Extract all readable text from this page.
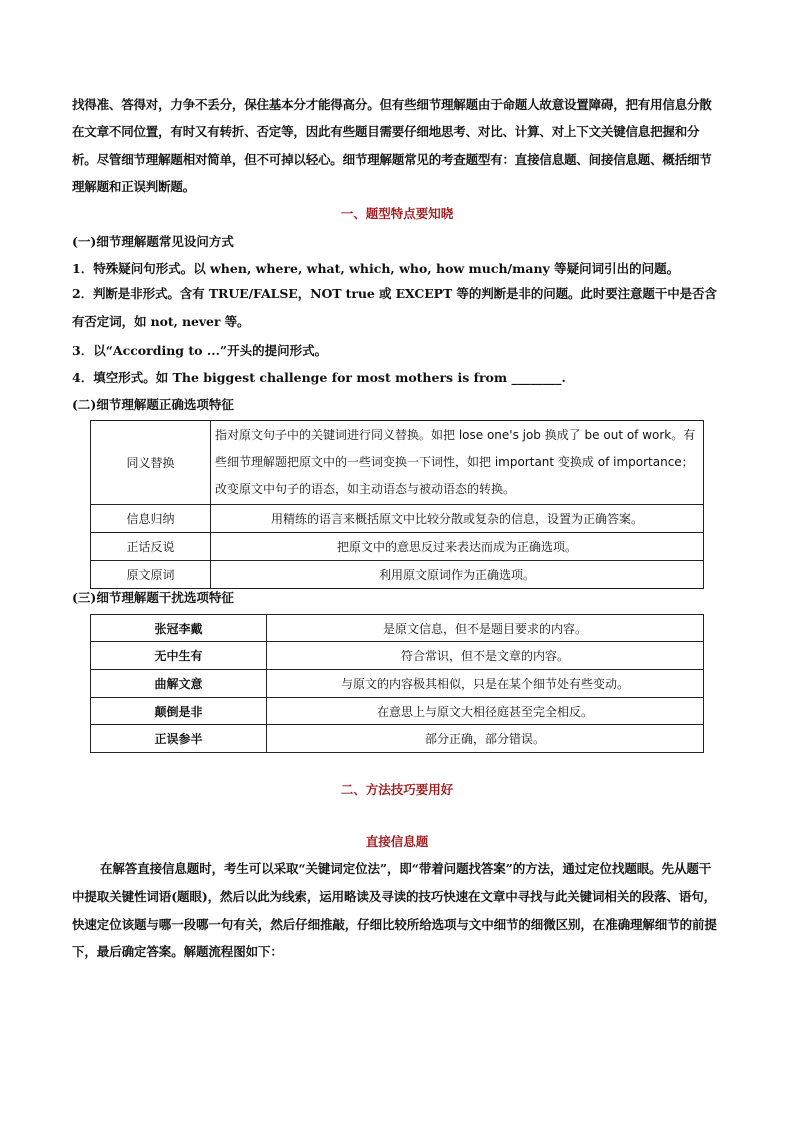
找得准、答得对，力争不丢分，保住基本分才能得高分。但有些细节理解题由于命题人故意设置障碍，把有用信息分散在文章不同位置，有时又有转折、否定等，因此有些题目需要仔细地思考、对比、计算、对上下文关键信息把握和分析。尽管细节理解题相对简单，但不可掉以轻心。细节理解题常见的考查题型有：直接信息题、间接信息题、概括细节理解题和正误判断题。

一、题型特点要知晓

(一)细节理解题常见设问方式

1．特殊疑问句形式。以 when, where, what, which, who, how much/many 等疑问词引出的问题。

2．判断是非形式。含有 TRUE/FALSE，NOT true 或 EXCEPT 等的判断是非的问题。此时要注意题干中是否含有否定词，如 not, never 等。

3．以“According to ...”开头的提问形式。

4．填空形式。如 The biggest challenge for most mothers is from ________.

(二)细节理解题正确选项特征

同义替换	指对原文句子中的关键词进行同义替换。如把 lose one's job 换成了 be out of work。有些细节理解题把原文中的一些词变换一下词性，如把 important 变换成 of importance；改变原文中句子的语态，如主动语态与被动语态的转换。
信息归纳	用精练的语言来概括原文中比较分散或复杂的信息，设置为正确答案。
正话反说	把原文中的意思反过来表达而成为正确选项。
原文原词	利用原文原词作为正确选项。

(三)细节理解题干扰选项特征

张冠李戴	是原文信息，但不是题目要求的内容。
无中生有	符合常识，但不是文章的内容。
曲解文意	与原文的内容极其相似，只是在某个细节处有些变动。
颠倒是非	在意思上与原文大相径庭甚至完全相反。
正误参半	部分正确，部分错误。

二、方法技巧要用好

直接信息题

在解答直接信息题时，考生可以采取“关键词定位法”，即“带着问题找答案”的方法，通过定位找题眼。先从题干中提取关键性词语(题眼)，然后以此为线索，运用略读及寻读的技巧快速在文章中寻找与此关键词相关的段落、语句，快速定位该题与哪一段哪一句有关，然后仔细推敲，仔细比较所给选项与文中细节的细微区别，在准确理解细节的前提下，最后确定答案。解题流程图如下：
